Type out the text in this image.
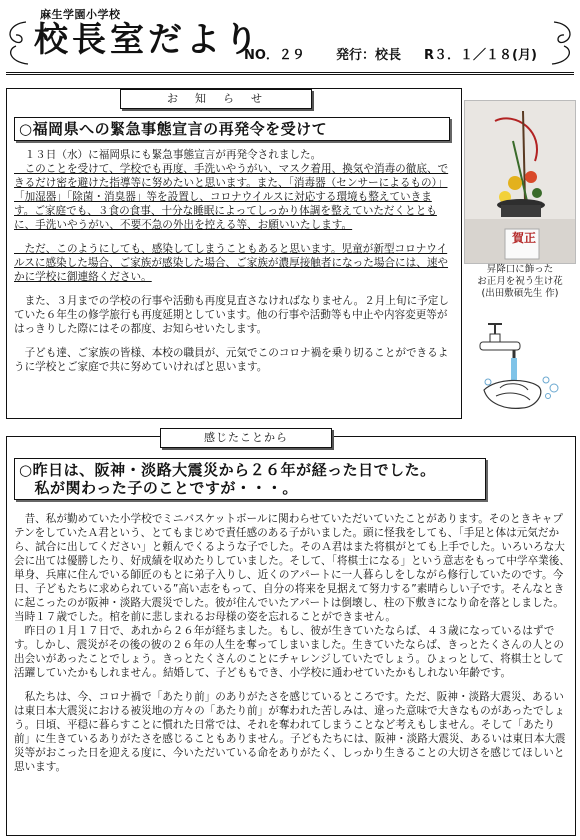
麻生学園小学校
校長室だより
NO．２９ 発行：校長 R３．１／１８(月)
お　知　ら　せ
○福岡県への緊急事態宣言の再発令を受けて

　１３日（水）に福岡県にも緊急事態宣言が再発令されました。

　このことを受けて、学校でも再度、手洗いやうがい、マスク着用、換気や消毒の徹底、できるだけ密を避けた指導等に努めたいと思います。また、「消毒器（センサーによるもの）」「加湿器」「除菌・消臭器」等を設置し、コロナウイルスに対応する環境も整えていきます。ご家庭でも、３食の食事、十分な睡眠によってしっかり体調を整えていただくとともに、手洗いやうがい、不要不急の外出を控える等、お願いいたします。

　ただ、このようにしても、感染してしまうこともあると思います。児童が新型コロナウイルスに感染した場合、ご家族が感染した場合、ご家族が濃厚接触者になった場合には、速やかに学校に御連絡ください。

　また、３月までの学校の行事や活動も再度見直さなければなりません。２月上旬に予定していた６年生の修学旅行も再度延期としています。他の行事や活動等も中止や内容変更等がはっきりした際にはその都度、お知らせいたします。

　子ども達、ご家族の皆様、本校の職員が、元気でこのコロナ禍を乗り切ることができるように学校とご家庭で共に努めていければと思います。

賀正
昇降口に飾った
お正月を祝う生け花
(出田敷碩先生 作)
感じたことから
○昨日は、阪神・淡路大震災から２６年が経った日でした。
　私が関わった子のことですが・・・。

　昔、私が勤めていた小学校でミニバスケットボールに関わらせていただいていたことがあります。そのときキャプテンをしていたＡ君という、とてもまじめで責任感のある子がいました。頭に怪我をしても、「手足と体は元気だから、試合に出してください」と頼んでくるような子でした。そのＡ君はまた将棋がとても上手でした。いろいろな大会に出ては優勝したり、好成績を収めたりしていました。そして、「将棋士になる」という意志をもって中学卒業後、単身、兵庫に住んでいる師匠のもとに弟子入りし、近くのアパートに一人暮らしをしながら修行していたのです。今日、子どもたちに求められている”高い志をもって、自分の将来を見据えて努力する”素晴らしい子です。そんなときに起こったのが阪神・淡路大震災でした。彼が住んでいたアパートは倒壊し、柱の下敷きになり命を落としました。当時１７歳でした。棺を前に悲しまれるお母様の姿を忘れることができません。

　昨日の１月１７日で、あれから２６年が経ちました。もし、彼が生きていたならば、４３歳になっているはずです。しかし、震災がその後の彼の２６年の人生を奪ってしまいました。生きていたならば、きっとたくさんの人との出会いがあったことでしょう。きっとたくさんのことにチャレンジしていたでしょう。ひょっとして、将棋士として活躍していたかもしれません。結婚して、子どももでき、小学校に通わせていたかもしれない年齢です。

　私たちは、今、コロナ禍で「あたり前」のありがたさを感じているところです。ただ、阪神・淡路大震災、あるいは東日本大震災における被災地の方々の「あたり前」が奪われた苦しみは、違った意味で大きなものがあったでしょう。日頃、平穏に暮らすことに慣れた日常では、それを奪われてしまうことなど考えもしません。そして「あたり前」に生きているありがたさを感じることもありません。子どもたちには、阪神・淡路大震災、あるいは東日本大震災等がおこった日を迎える度に、今いただいている命をありがたく、しっかり生きることの大切さを感じてほしいと思います。
